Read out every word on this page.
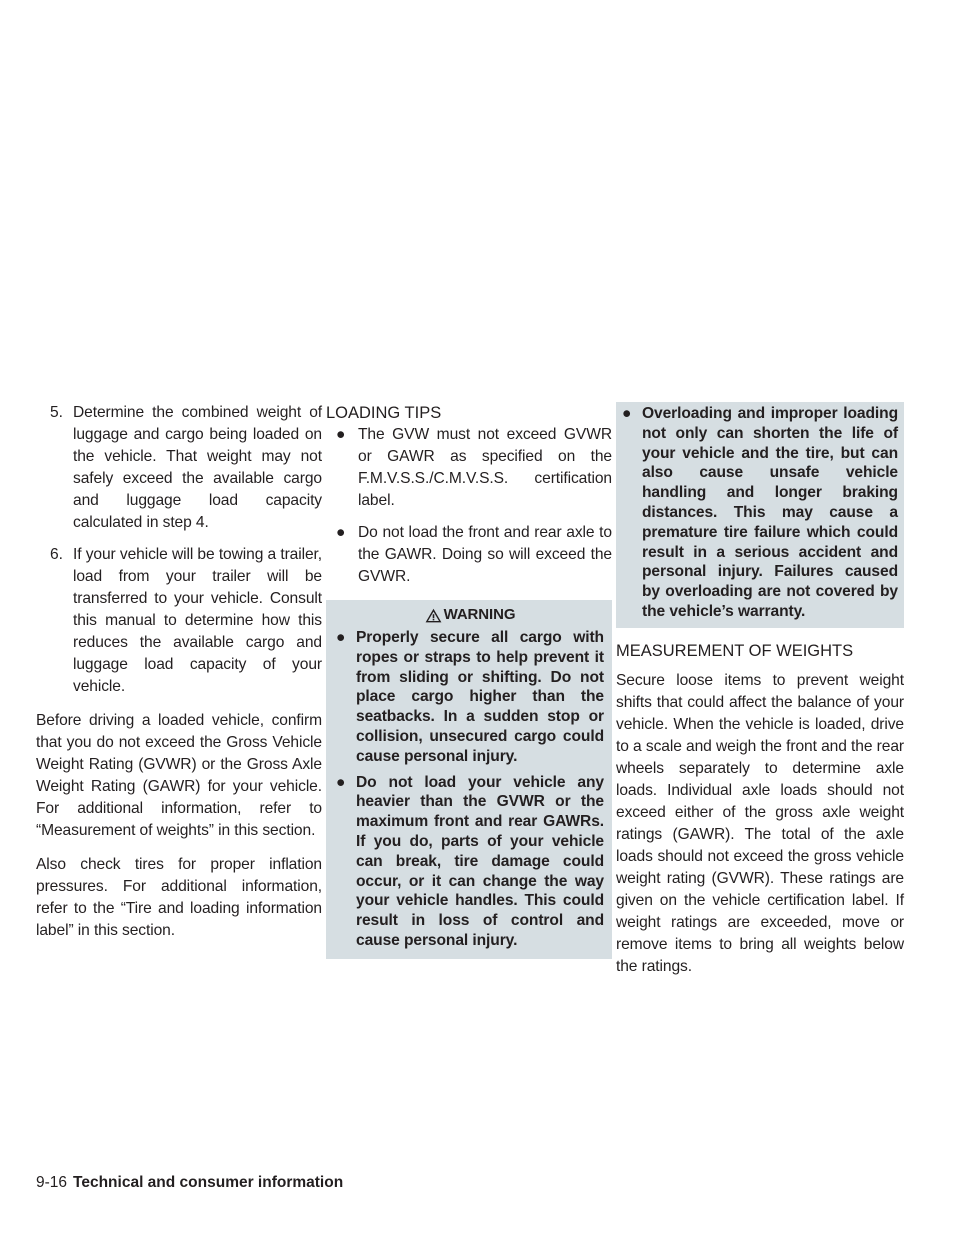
5. Determine the combined weight of luggage and cargo being loaded on the vehicle. That weight may not safely exceed the available cargo and luggage load capacity calculated in step 4.
6. If your vehicle will be towing a trailer, load from your trailer will be transferred to your vehicle. Consult this manual to determine how this reduces the available cargo and luggage load capacity of your vehicle.

Before driving a loaded vehicle, confirm that you do not exceed the Gross Vehicle Weight Rating (GVWR) or the Gross Axle Weight Rating (GAWR) for your vehicle. For additional information, refer to “Measurement of weights” in this section.

Also check tires for proper inflation pressures. For additional information, refer to the “Tire and loading information label” in this section.

LOADING TIPS
● The GVW must not exceed GVWR or GAWR as specified on the F.M.V.S.S./C.M.V.S.S. certification label.
● Do not load the front and rear axle to the GAWR. Doing so will exceed the GVWR.
WARNING
● Properly secure all cargo with ropes or straps to help prevent it from sliding or shifting. Do not place cargo higher than the seatbacks. In a sudden stop or collision, unsecured cargo could cause personal injury.
● Do not load your vehicle any heavier than the GVWR or the maximum front and rear GAWRs. If you do, parts of your vehicle can break, tire damage could occur, or it can change the way your vehicle handles. This could result in loss of control and cause personal injury.
● Overloading and improper loading not only can shorten the life of your vehicle and the tire, but can also cause unsafe vehicle handling and longer braking distances. This may cause a premature tire failure which could result in a serious accident and personal injury. Failures caused by overloading are not covered by the vehicle’s warranty.
MEASUREMENT OF WEIGHTS

Secure loose items to prevent weight shifts that could affect the balance of your vehicle. When the vehicle is loaded, drive to a scale and weigh the front and the rear wheels separately to determine axle loads. Individual axle loads should not exceed either of the gross axle weight ratings (GAWR). The total of the axle loads should not exceed the gross vehicle weight rating (GVWR). These ratings are given on the vehicle certification label. If weight ratings are exceeded, move or remove items to bring all weights below the ratings.

9-16 Technical and consumer information
